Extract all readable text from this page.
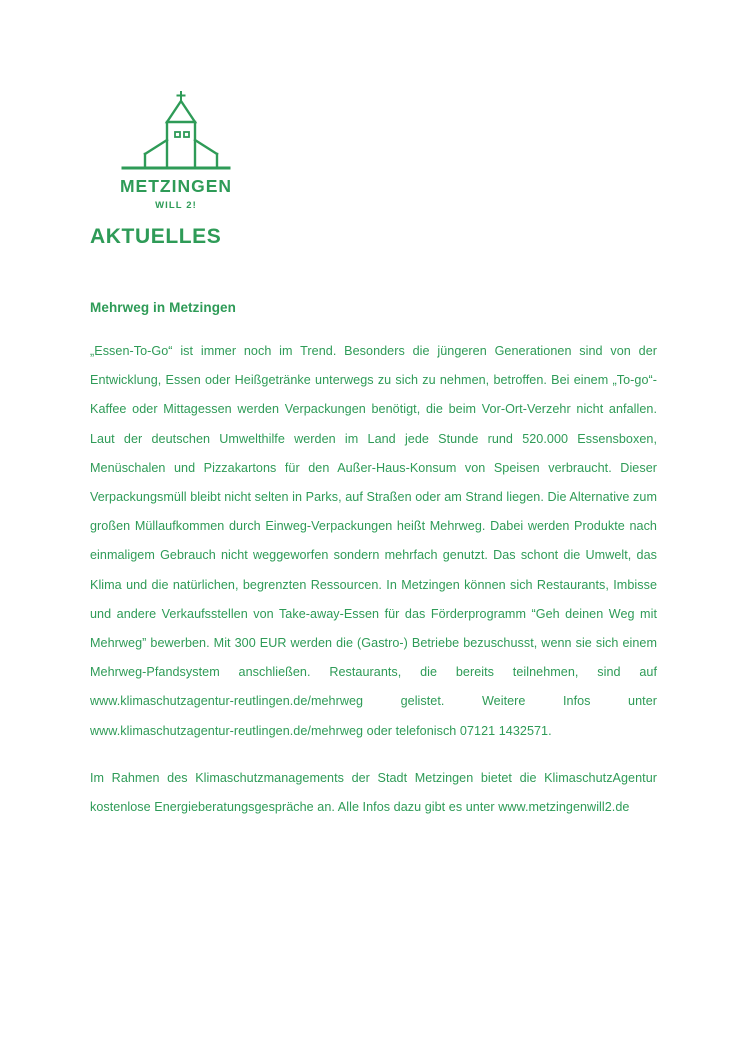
METZINGEN
WILL 2!
AKTUELLES
Mehrweg in Metzingen

„Essen-To-Go“ ist immer noch im Trend. Besonders die jüngeren Generationen sind von der Entwicklung, Essen oder Heißgetränke unterwegs zu sich zu nehmen, betroffen. Bei einem „To-go“-Kaffee oder Mittagessen werden Verpackungen benötigt, die beim Vor-Ort-Verzehr nicht anfallen. Laut der deutschen Umwelthilfe werden im Land jede Stunde rund 520.000 Essensboxen, Menüschalen und Pizzakartons für den Außer-Haus-Konsum von Speisen verbraucht. Dieser Verpackungsmüll bleibt nicht selten in Parks, auf Straßen oder am Strand liegen. Die Alternative zum großen Müllaufkommen durch Einweg-Verpackungen heißt Mehrweg. Dabei werden Produkte nach einmaligem Gebrauch nicht weggeworfen sondern mehrfach genutzt. Das schont die Umwelt, das Klima und die natürlichen, begrenzten Ressourcen. In Metzingen können sich Restaurants, Imbisse und andere Verkaufsstellen von Take-away-Essen für das Förderprogramm “Geh deinen Weg mit Mehrweg” bewerben. Mit 300 EUR werden die (Gastro-) Betriebe bezuschusst, wenn sie sich einem Mehrweg-Pfandsystem anschließen. Restaurants, die bereits teilnehmen, sind auf www.klimaschutzagentur-reutlingen.de/mehrweg gelistet. Weitere Infos unter www.klimaschutzagentur-reutlingen.de/mehrweg oder telefonisch 07121 1432571.

Im Rahmen des Klimaschutzmanagements der Stadt Metzingen bietet die KlimaschutzAgentur kostenlose Energieberatungsgespräche an. Alle Infos dazu gibt es unter www.metzingenwill2.de
